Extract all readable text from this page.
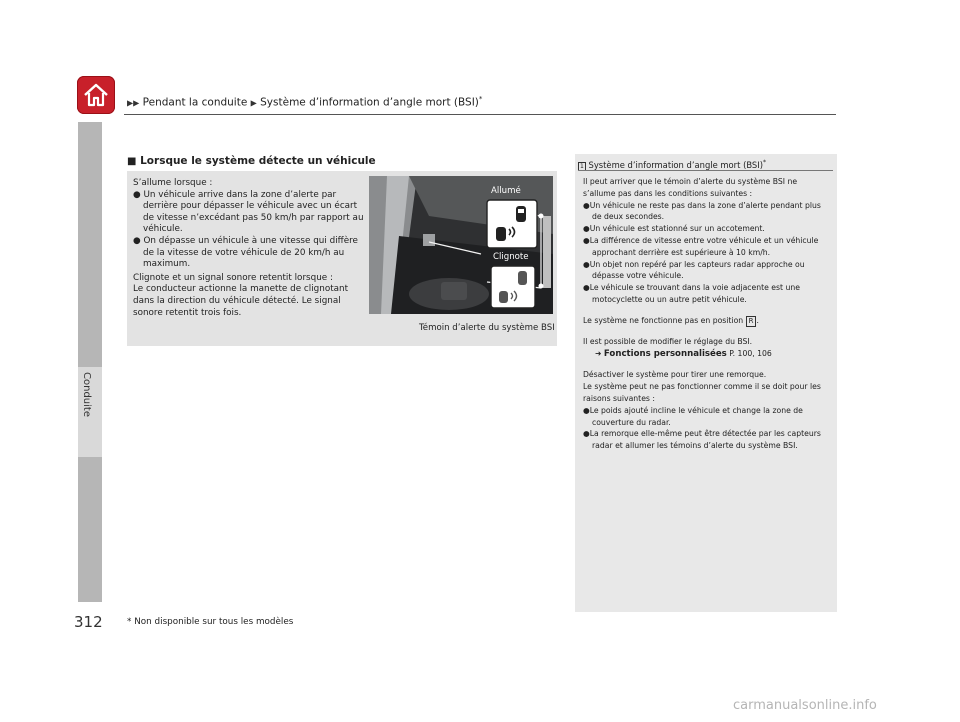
▶▶ Pendant la conduite ▶ Système d’information d’angle mort (BSI)*
Conduite
■ Lorsque le système détecte un véhicule

S’allume lorsque :

● Un véhicule arrive dans la zone d’alerte par derrière pour dépasser le véhicule avec un écart de vitesse n’excédant pas 50 km/h par rapport au véhicule.

● On dépasse un véhicule à une vitesse qui diffère de la vitesse de votre véhicule de 20 km/h au maximum.

Clignote et un signal sonore retentit lorsque :

Le conducteur actionne la manette de clignotant dans la direction du véhicule détecté. Le signal sonore retentit trois fois.

Allumé
Clignote
Témoin d’alerte du système BSI
1 Système d’information d’angle mort (BSI)*

Il peut arriver que le témoin d’alerte du système BSI ne s’allume pas dans les conditions suivantes :

●Un véhicule ne reste pas dans la zone d’alerte pendant plus de deux secondes.

●Un véhicule est stationné sur un accotement.

●La différence de vitesse entre votre véhicule et un véhicule approchant derrière est supérieure à 10 km/h.

●Un objet non repéré par les capteurs radar approche ou dépasse votre véhicule.

●Le véhicule se trouvant dans la voie adjacente est une motocyclette ou un autre petit véhicule.

Le système ne fonctionne pas en position R .

Il est possible de modifier le réglage du BSI.

➜ Fonctions personnalisées P. 100, 106

Désactiver le système pour tirer une remorque.

Le système peut ne pas fonctionner comme il se doit pour les raisons suivantes :

●Le poids ajouté incline le véhicule et change la zone de couverture du radar.

●La remorque elle-même peut être détectée par les capteurs radar et allumer les témoins d’alerte du système BSI.

312	* Non disponible sur tous les modèles
carmanualsonline.info
